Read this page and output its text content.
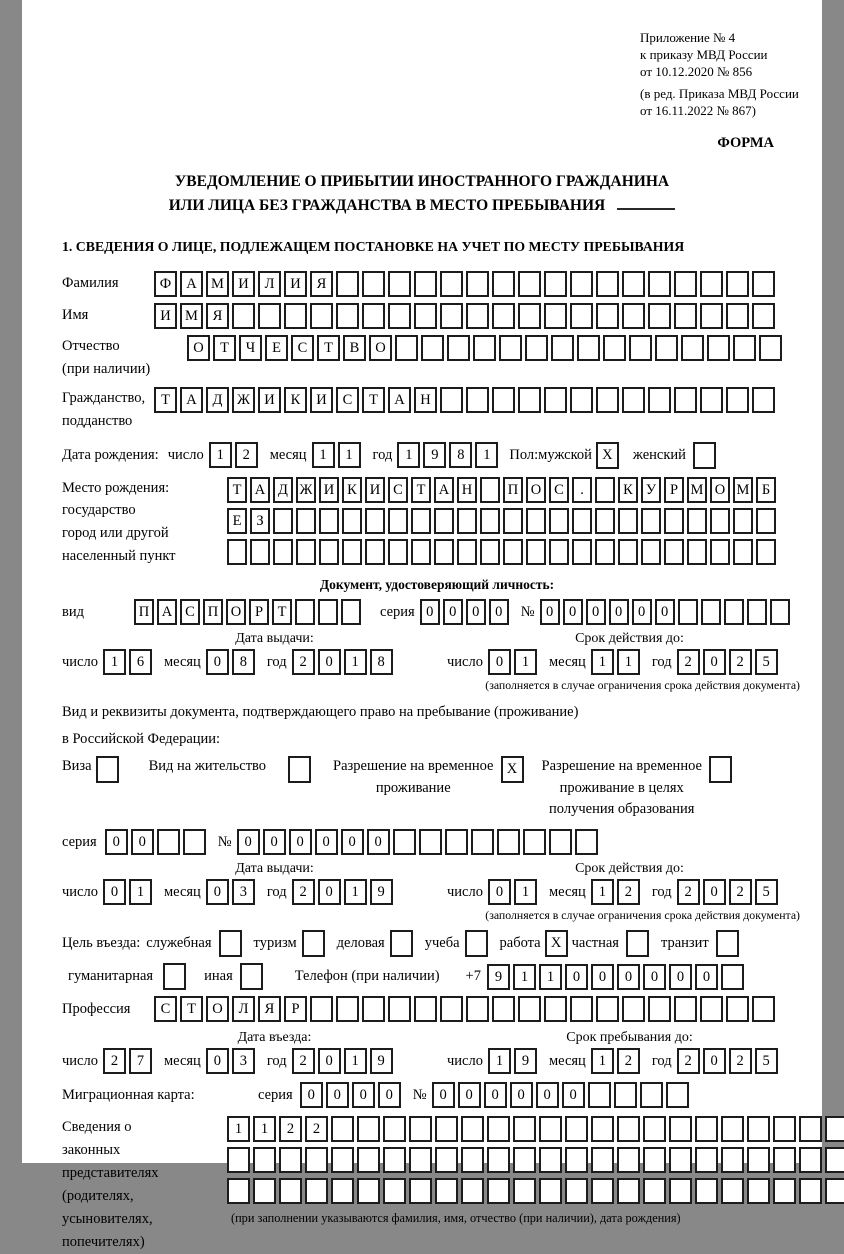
Приложение № 4
к приказу МВД России
от 10.12.2020 № 856
(в ред. Приказа МВД России
от 16.11.2022 № 867)
ФОРМА
УВЕДОМЛЕНИЕ О ПРИБЫТИИ ИНОСТРАННОГО ГРАЖДАНИНА
ИЛИ ЛИЦА БЕЗ ГРАЖДАНСТВА В МЕСТО ПРЕБЫВАНИЯ
1. СВЕДЕНИЯ О ЛИЦЕ, ПОДЛЕЖАЩЕМ ПОСТАНОВКЕ НА УЧЕТ ПО МЕСТУ ПРЕБЫВАНИЯ
Фамилия	Ф	А М И	Л	И	Я

Имя	И М	Я

Отчество
(при наличии)
О	Т	Ч	Е	С	Т	В	О

Гражданство,
подданство
Т	А	Д	Ж И	К	И	С	Т	А	Н

Дата рождения: число 1	2	месяц 1	1	год 1	9	8	1	Пол: мужской X	женский

Место рождения:
государство
город или другой
населенный пункт
Т А Д Ж И К И С Т А Н
	П О С	.
	К У Р М О М Б
Е	З

Документ, удостоверяющий личность:
вид	П А С П О Р	Т

	серия 0	0	0	0	№ 0	0	0	0	0	0

Дата выдачи:
число 1	6	месяц 0	8	год 2	0	1	8
Срок действия до:
число 0	1	месяц 1	1	год 2	0	2	5
(заполняется в случае ограничения срока действия документа)
Вид и реквизиты документа, подтверждающего право на пребывание (проживание)
в Российской Федерации:
Виза
	Вид на жительство
	Разрешение на временное
проживание
X	Разрешение на временное
проживание в целях
получения образования

серия	0	0

	№ 0	0	0	0	0	0

Дата выдачи:
число 0	1	месяц 0	3	год 2	0	1	9
Срок действия до:
число 0	1	месяц 1	2	год 2	0	2	5
(заполняется в случае ограничения срока действия документа)
Цель въезда: служебная
	туризм
	деловая
	учеба
	работа X частная
	транзит

гуманитарная
	иная
	Телефон (при наличии) +7 9	1	1	0	0	0	0	0	0

Профессия	С	Т	О	Л	Я	Р

Дата въезда:
число 2	7	месяц 0	3	год 2	0	1	9
Срок пребывания до:
число 1	9	месяц 1	2	год 2	0	2	5
Миграционная карта:	серия	0	0	0	0	№ 0	0	0	0	0	0

Сведения о
законных
представителях
(родителях,
усыновителях,
попечителях)
1	1	2	2

(при заполнении указываются фамилия, имя, отчество (при наличии), дата рождения)
